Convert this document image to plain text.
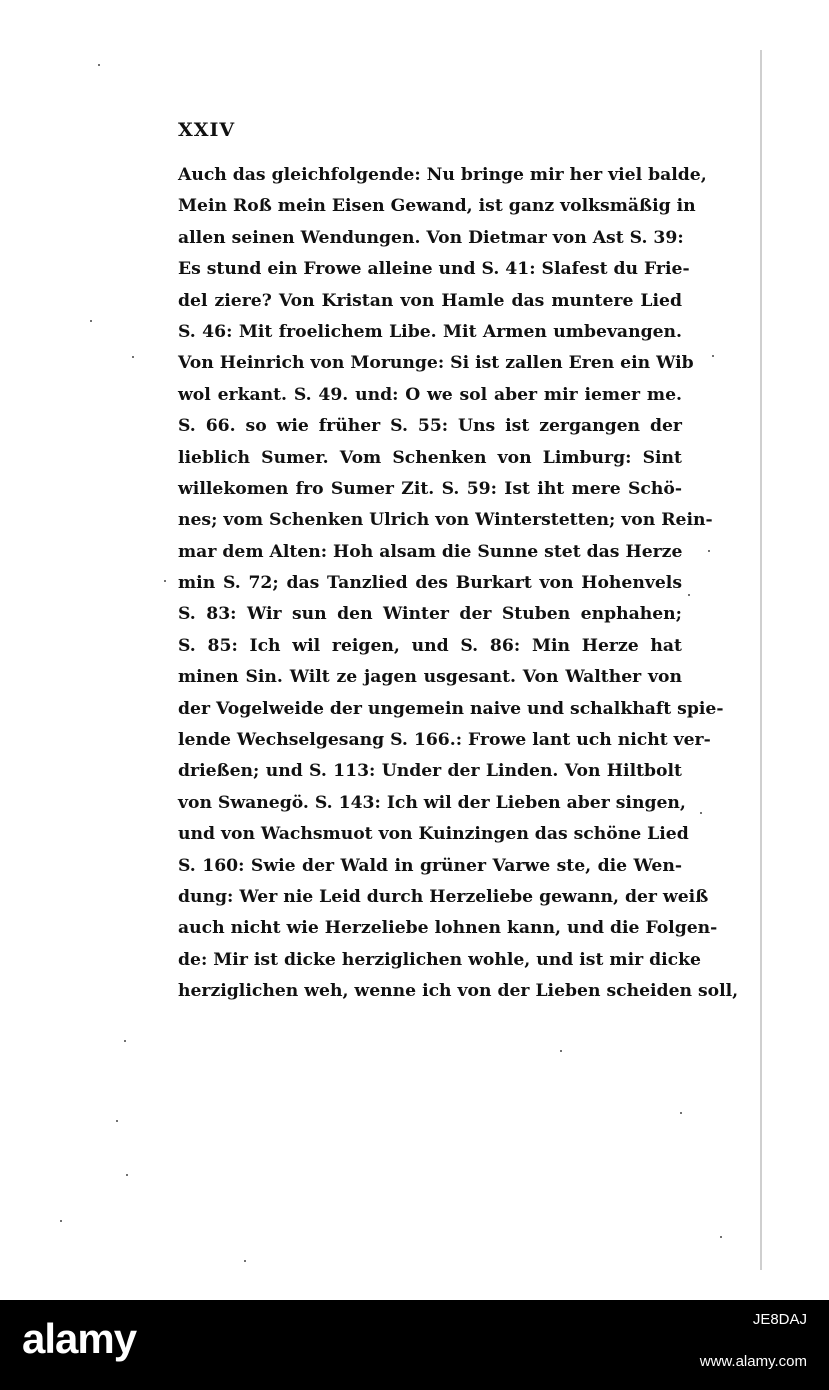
XXIV
Auch das gleichfolgende: Nu bringe mir her viel balde,
Mein Roß mein Eisen Gewand, ist ganz volksmäßig in
allen seinen Wendungen. Von Dietmar von Ast S. 39:
Es stund ein Frowe alleine und S. 41: Slafest du Frie-
del ziere? Von Kristan von Hamle das muntere Lied
S. 46: Mit froelichem Libe. Mit Armen umbevangen.
Von Heinrich von Morunge: Si ist zallen Eren ein Wib
wol erkant. S. 49. und: O we sol aber mir iemer me.
S. 66. so wie früher S. 55: Uns ist zergangen der
lieblich Sumer. Vom Schenken von Limburg: Sint
willekomen fro Sumer Zit. S. 59: Ist iht mere Schö-
nes; vom Schenken Ulrich von Winterstetten; von Rein-
mar dem Alten: Hoh alsam die Sunne stet das Herze
min S. 72; das Tanzlied des Burkart von Hohenvels
S. 83: Wir sun den Winter der Stuben enphahen;
S. 85: Ich wil reigen, und S. 86: Min Herze hat
minen Sin. Wilt ze jagen usgesant. Von Walther von
der Vogelweide der ungemein naive und schalkhaft spie-
lende Wechselgesang S. 166.: Frowe lant uch nicht ver-
drießen; und S. 113: Under der Linden. Von Hiltbolt
von Swanegö. S. 143: Ich wil der Lieben aber singen,
und von Wachsmuot von Kuinzingen das schöne Lied
S. 160: Swie der Wald in grüner Varwe ste, die Wen-
dung: Wer nie Leid durch Herzeliebe gewann, der weiß
auch nicht wie Herzeliebe lohnen kann, und die Folgen-
de: Mir ist dicke herziglichen wohle, und ist mir dicke
herziglichen weh, wenne ich von der Lieben scheiden soll,
alamy	JE8DAJ
www.alamy.com
